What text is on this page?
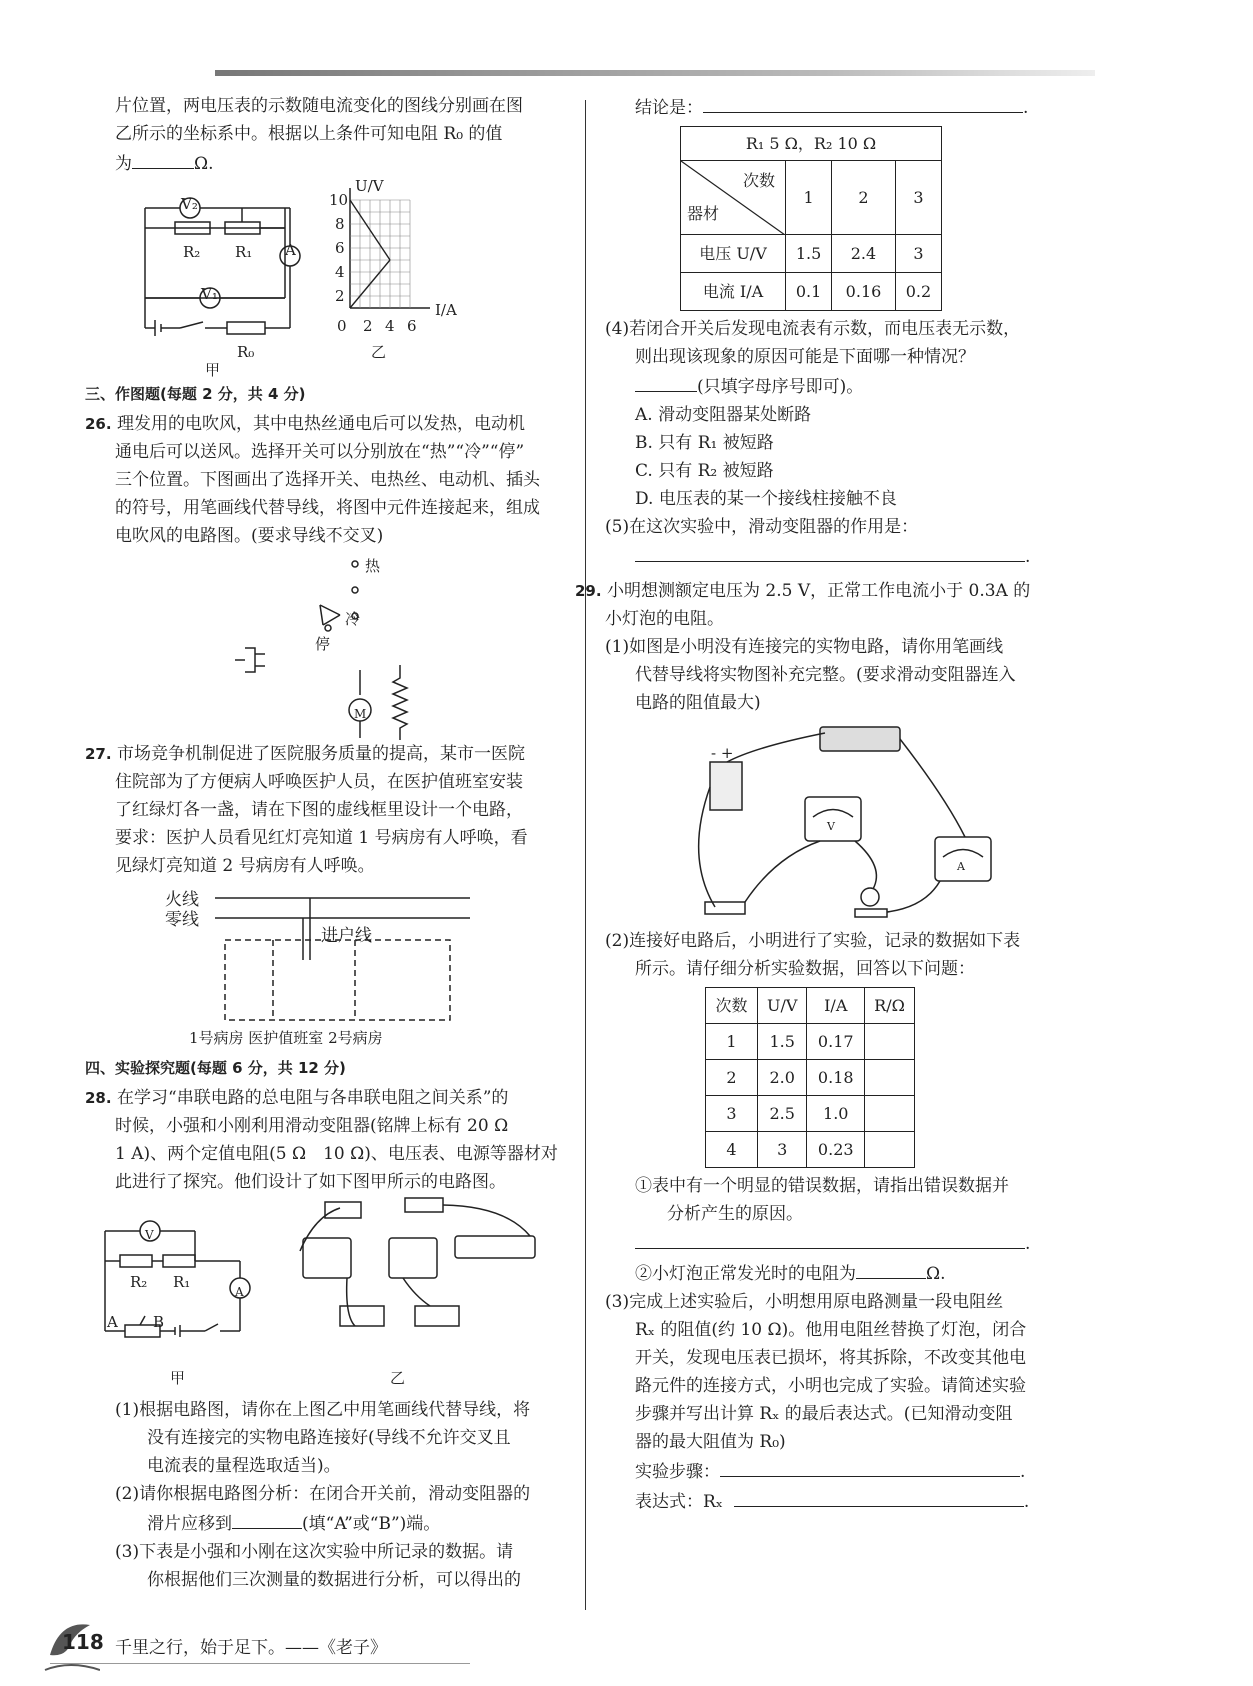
片位置，两电压表的示数随电流变化的图线分别画在图

乙所示的坐标系中。根据以上条件可知电阻 R₀ 的值

为	Ω.

V₂
V₁
A
R₂ R₁
R₀
甲
U/V
I/A
10
8
6
4
2
0 2 4 6
乙

三、作图题(每题 2 分，共 4 分)

26. 理发用的电吹风，其中电热丝通电后可以发热，电动机

通电后可以送风。选择开关可以分别放在“热”“冷”“停”

三个位置。下图画出了选择开关、电热丝、电动机、插头

的符号，用笔画线代替导线，将图中元件连接起来，组成

电吹风的电路图。(要求导线不交叉)

热
冷
停
M

27. 市场竞争机制促进了医院服务质量的提高，某市一医院

住院部为了方便病人呼唤医护人员，在医护值班室安装

了红绿灯各一盏，请在下图的虚线框里设计一个电路，

要求：医护人员看见红灯亮知道 1 号病房有人呼唤，看

见绿灯亮知道 2 号病房有人呼唤。

火线
零线
进户线
1号病房 医护值班室 2号病房

四、实验探究题(每题 6 分，共 12 分)

28. 在学习“串联电路的总电阻与各串联电阻之间关系”的

时候，小强和小刚利用滑动变阻器(铭牌上标有 20 Ω

1 A)、两个定值电阻(5 Ω　10 Ω)、电压表、电源等器材对

此进行了探究。他们设计了如下图甲所示的电路图。

R₂ R₁
V
A
A B
甲	乙

(1)根据电路图，请你在上图乙中用笔画线代替导线，将

没有连接完的实物电路连接好(导线不允许交叉且

电流表的量程选取适当)。

(2)请你根据电路图分析：在闭合开关前，滑动变阻器的

滑片应移到	(填“A”或“B”)端。

(3)下表是小强和小刚在这次实验中所记录的数据。请

你根据他们三次测量的数据进行分析，可以得出的

结论是：	.

R₁ 5 Ω，R₂ 10 Ω			

次数
器材	1	2	3
电压 U/V	1.5	2.4	3
电流 I/A	0.1	0.16	0.2

(4)若闭合开关后发现电流表有示数，而电压表无示数，

则出现该现象的原因可能是下面哪一种情况？

(只填字母序号即可)。

A. 滑动变阻器某处断路

B. 只有 R₁ 被短路

C. 只有 R₂ 被短路

D. 电压表的某一个接线柱接触不良

(5)在这次实验中，滑动变阻器的作用是：

.

29. 小明想测额定电压为 2.5 V，正常工作电流小于 0.3A 的

小灯泡的电阻。

(1)如图是小明没有连接完的实物电路，请你用笔画线

代替导线将实物图补充完整。(要求滑动变阻器连入

电路的阻值最大)

- +
V
A

(2)连接好电路后，小明进行了实验，记录的数据如下表

所示。请仔细分析实验数据，回答以下问题：

次数	U/V	I/A	R/Ω
1	1.5	0.17	
2	2.0	0.18	
3	2.5	1.0	
4	3	0.23	

①表中有一个明显的错误数据，请指出错误数据并

分析产生的原因。

.

②小灯泡正常发光时的电阻为	Ω.

(3)完成上述实验后，小明想用原电路测量一段电阻丝

Rₓ 的阻值(约 10 Ω)。他用电阻丝替换了灯泡，闭合

开关，发现电压表已损坏，将其拆除，不改变其他电

路元件的连接方式，小明也完成了实验。请简述实验

步骤并写出计算 Rₓ 的最后表达式。(已知滑动变阻

器的最大阻值为 R₀)

实验步骤：	.

表达式：Rₓ	.

118 千里之行，始于足下。——《老子》
